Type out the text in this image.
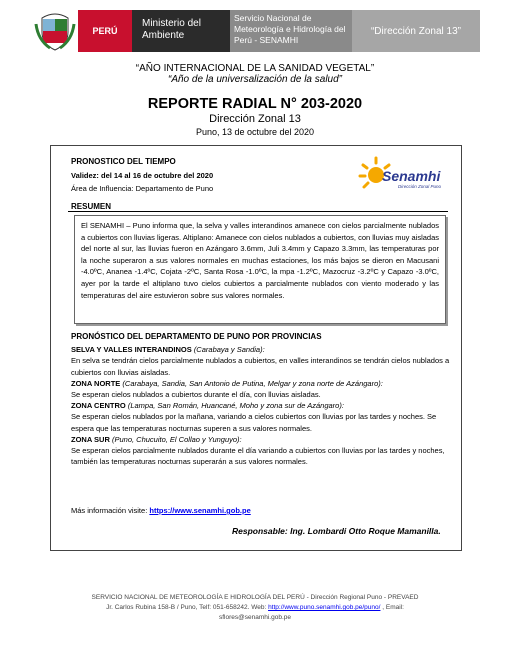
PERÚ
Ministerio del Ambiente
Servicio Nacional de Meteorología e Hidrología del Perú - SENAMHI
“Dirección Zonal 13”
“AÑO INTERNACIONAL DE LA SANIDAD VEGETAL”
“Año de la universalización de la salud”
REPORTE RADIAL N° 203-2020
Dirección Zonal 13
Puno, 13 de octubre del 2020
PRONOSTICO DEL TIEMPO
Validez: del 14 al 16 de octubre del 2020
Área de Influencia: Departamento de Puno
Senamhi
Dirección Zonal Puno
RESUMEN
El SENAMHI – Puno informa que, la selva y valles interandinos amanece con cielos parcialmente nublados a cubiertos con lluvias ligeras. Altiplano: Amanece con cielos nublados a cubiertos, con lluvias muy aisladas del norte al sur, las lluvias fueron en Azángaro 3.6mm, Juli 3.4mm y Capazo 3.3mm, las temperaturas por la noche superaron a sus valores normales en muchas estaciones, los más bajos se dieron en Macusani -4.0ºC, Ananea -1.4ºC, Cojata -2ºC, Santa Rosa -1.0ºC, la mpa -1.2ºC, Mazocruz -3.2ºC y Capazo -3.0ºC, ayer por la tarde el altiplano tuvo cielos cubiertos a parcialmente nublados con viento moderado y las temperaturas del aire estuvieron sobre sus valores normales.

PRONÓSTICO DEL DEPARTAMENTO DE PUNO POR PROVINCIAS

SELVA Y VALLES INTERANDINOS (Carabaya y Sandia):

En selva se tendrán cielos parcialmente nublados a cubiertos, en valles interandinos se tendrán cielos nublados a cubiertos con lluvias aisladas.

ZONA NORTE (Carabaya, Sandia, San Antonio de Putina, Melgar y zona norte de Azángaro):

Se esperan cielos nublados a cubiertos durante el día, con lluvias aisladas.

ZONA CENTRO (Lampa, San Román, Huancané, Moho y zona sur de Azángaro):

Se esperan cielos nublados por la mañana, variando a cielos cubiertos con lluvias por las tardes y noches. Se espera que las temperaturas nocturnas superen a sus valores normales.

ZONA SUR (Puno, Chucuito, El Collao y Yunguyo):

Se esperan cielos parcialmente nublados durante el día variando a cubiertos con lluvias por las tardes y noches, también las temperaturas nocturnas superarán a sus valores normales.

Más información visite: https://www.senamhi.gob.pe
Responsable: Ing. Lombardi Otto Roque Mamanilla.
SERVICIO NACIONAL DE METEOROLOGÍA E HIDROLOGÍA DEL PERÚ - Dirección Regional Puno - PREVAED
Jr. Carlos Rubina 158-B / Puno, Telf: 051-658242. Web: http://www.puno.senamhi.gob.pe/puno/ , Email:
sflores@senamhi.gob.pe
